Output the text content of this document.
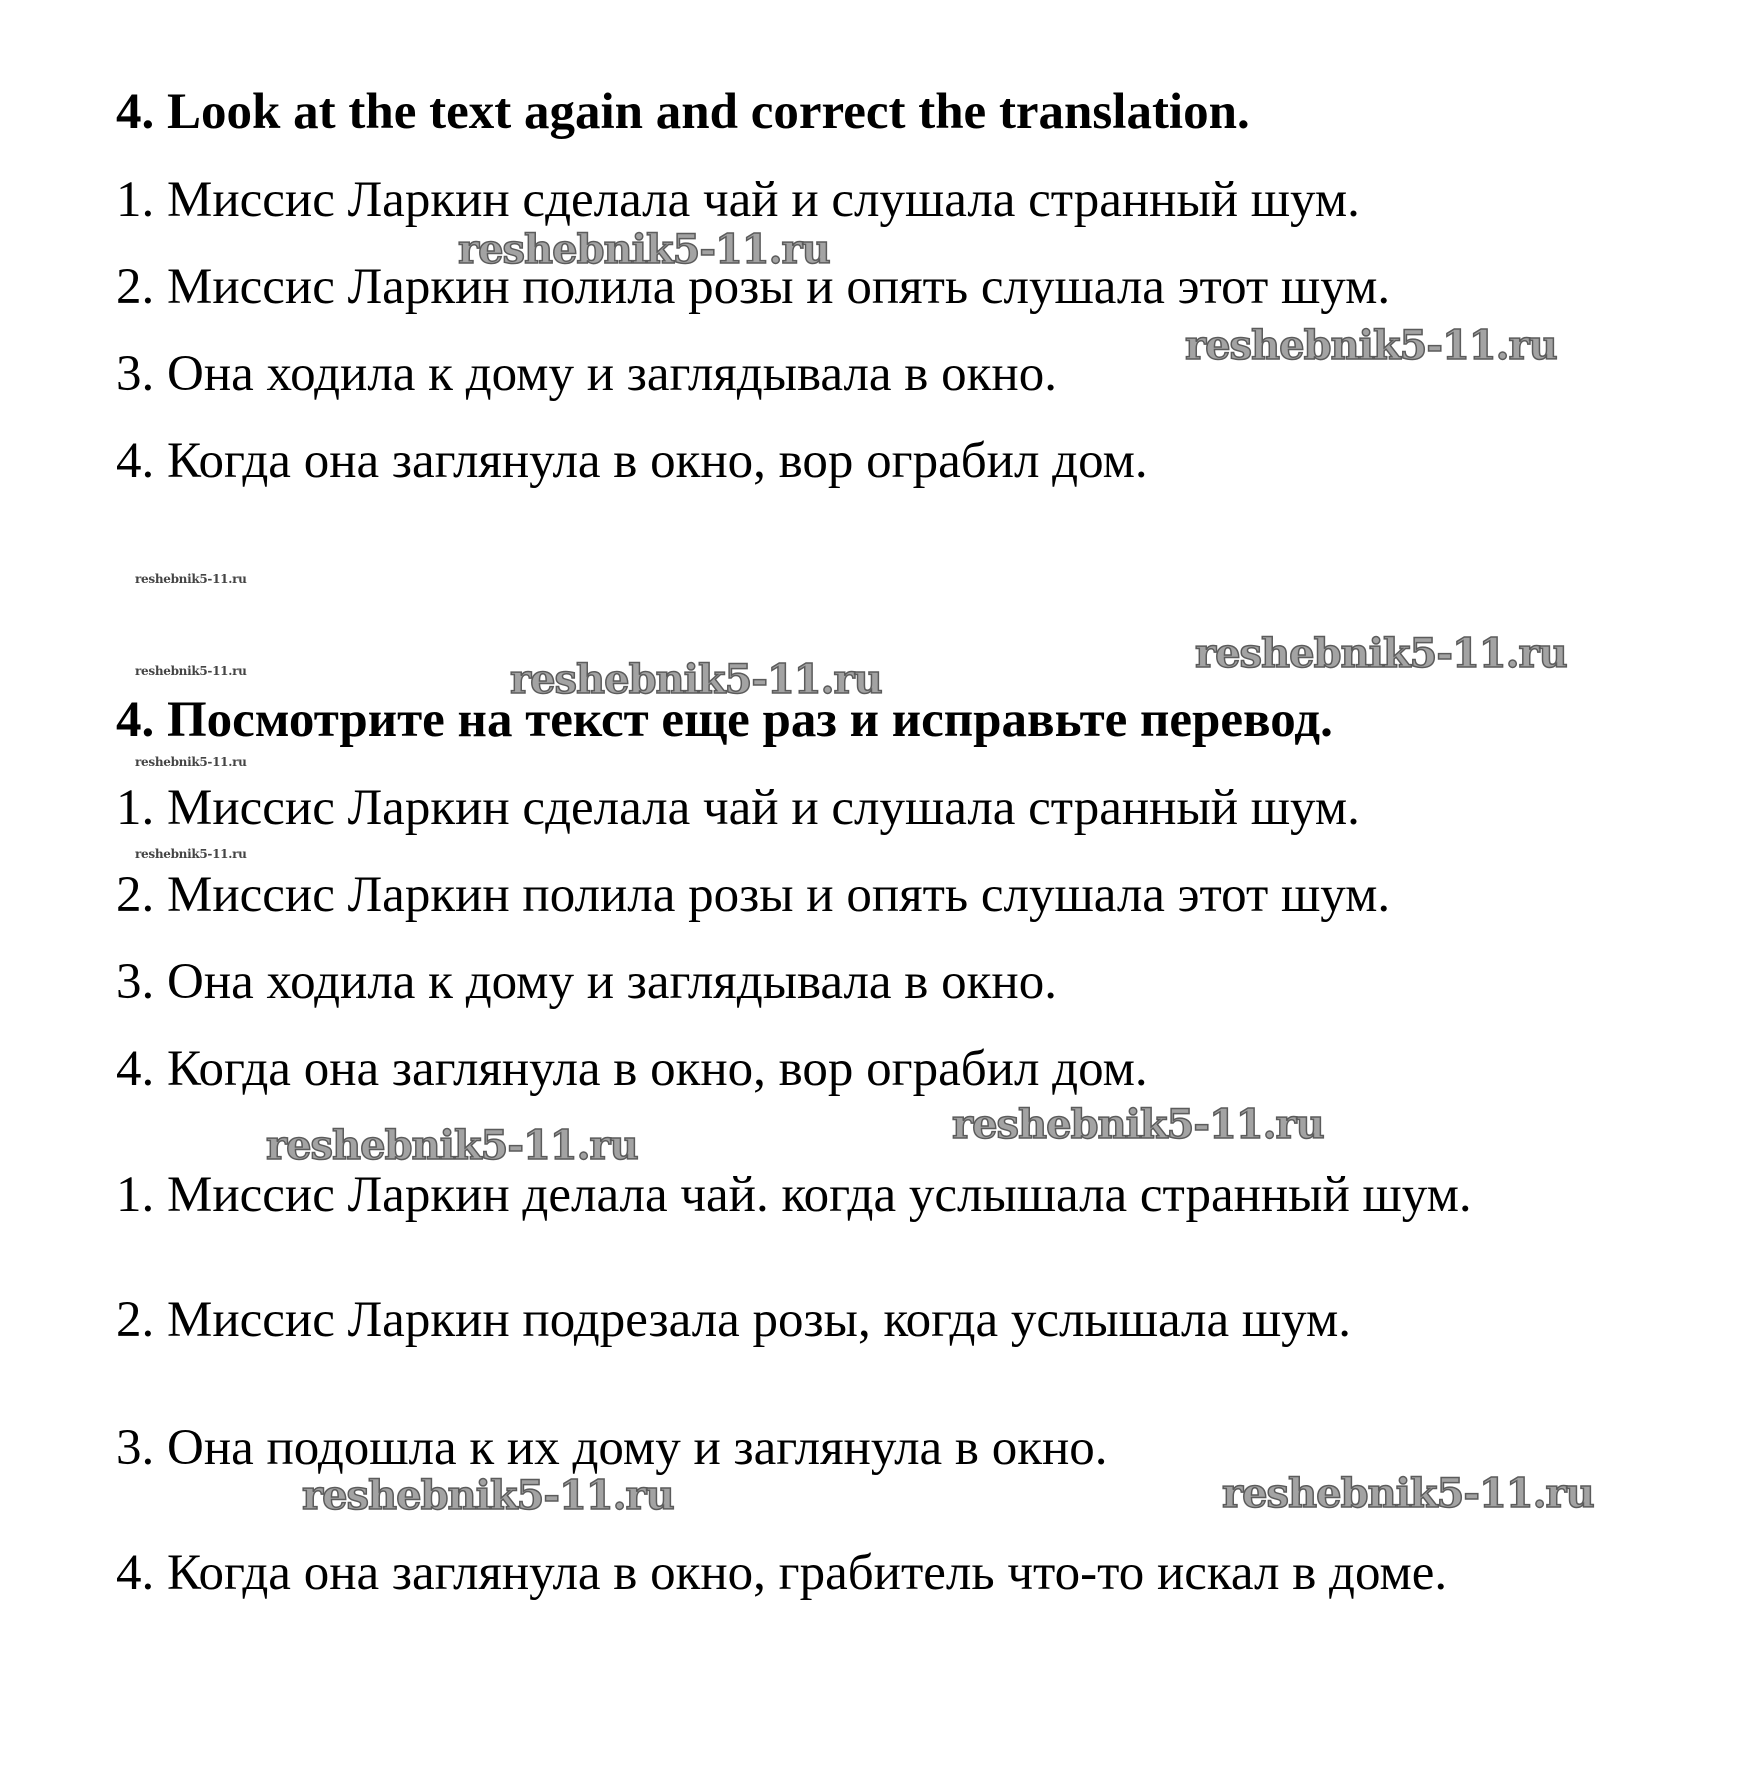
4. Look at the text again and correct the translation.
1. Миссис Ларкин сделала чай и слушала странный шум.
2. Миссис Ларкин полила розы и опять слушала этот шум.
3. Она ходила к дому и заглядывала в окно.
4. Когда она заглянула в окно, вор ограбил дом.
4. Посмотрите на текст еще раз и исправьте перевод.
1. Миссис Ларкин сделала чай и слушала странный шум.
2. Миссис Ларкин полила розы и опять слушала этот шум.
3. Она ходила к дому и заглядывала в окно.
4. Когда она заглянула в окно, вор ограбил дом.
1. Миссис Ларкин делала чай. когда услышала странный шум.
2. Миссис Ларкин подрезала розы, когда услышала шум.
3. Она подошла к их дому и заглянула в окно.
4. Когда она заглянула в окно, грабитель что-то искал в доме.
reshebnik5-11.ru
reshebnik5-11.ru
reshebnik5-11.ru
reshebnik5-11.ru
reshebnik5-11.ru
reshebnik5-11.ru
reshebnik5-11.ru	reshebnik5-11.ru
reshebnik5-11.ru
reshebnik5-11.ru
reshebnik5-11.ru
reshebnik5-11.ru
